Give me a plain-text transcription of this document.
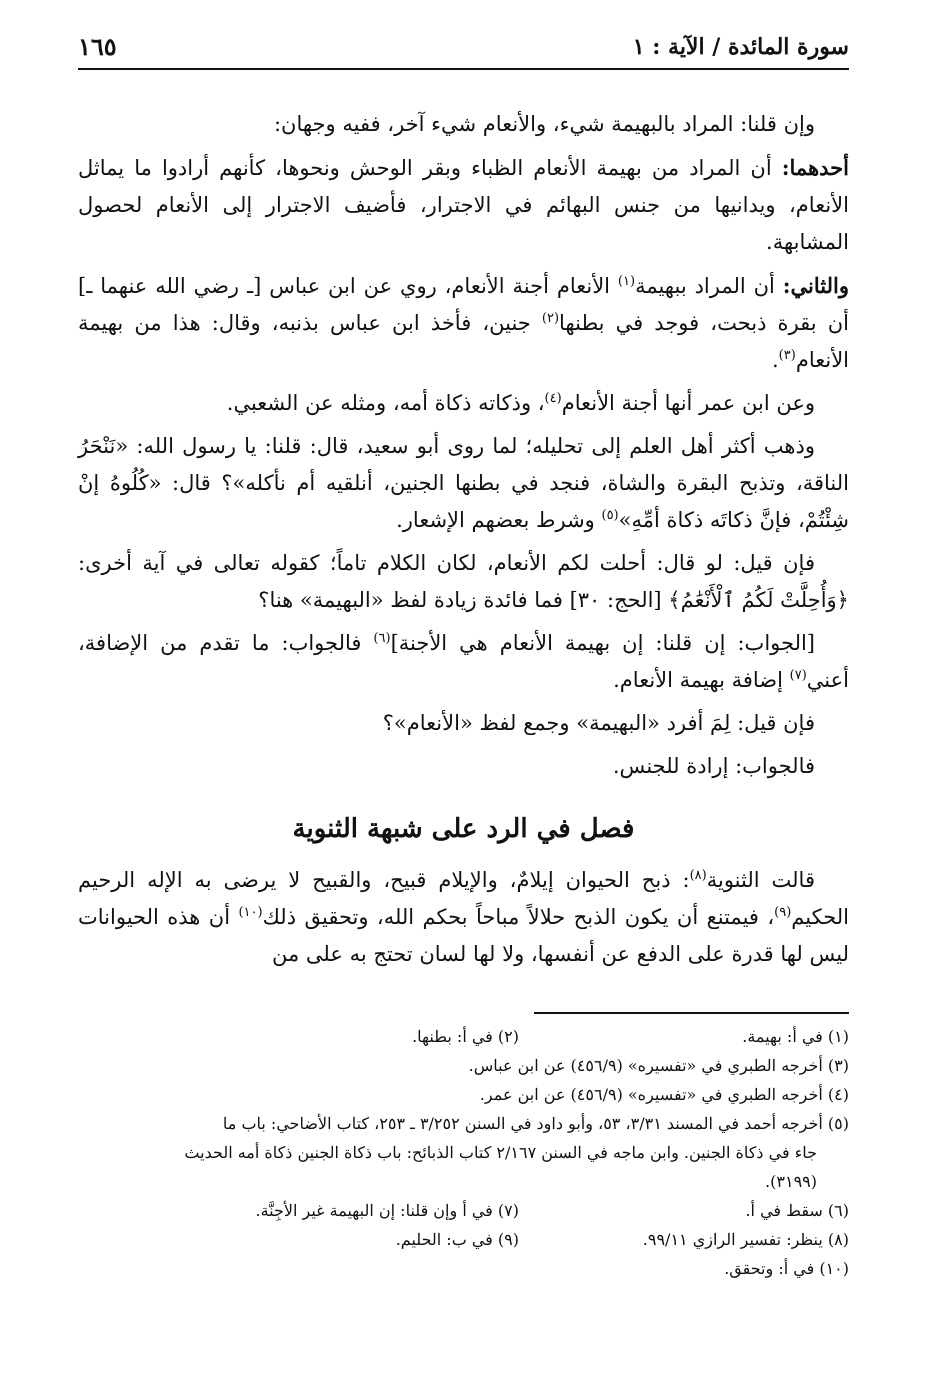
سورة المائدة / الآية : ١
١٦٥

وإن قلنا: المراد بالبهيمة شيء، والأنعام شيء آخر، ففيه وجهان:

أحدهما: أن المراد من بهيمة الأنعام الظباء وبقر الوحش ونحوها، كأنهم أرادوا ما يماثل الأنعام، ويدانيها من جنس البهائم في الاجترار، فأضيف الاجترار إلى الأنعام لحصول المشابهة.

والثاني: أن المراد ببهيمة$^{(١)}$ الأنعام أجنة الأنعام، روي عن ابن عباس [ـ رضي الله عنهما ـ] أن بقرة ذبحت، فوجد في بطنها$^{(٢)}$ جنين، فأخذ ابن عباس بذنبه، وقال: هذا من بهيمة الأنعام$^{(٣)}$.

وعن ابن عمر أنها أجنة الأنعام$^{(٤)}$، وذكاته ذكاة أمه، ومثله عن الشعبي.

وذهب أكثر أهل العلم إلى تحليله؛ لما روى أبو سعيد، قال: قلنا: يا رسول الله: «نَنْحَرُ الناقة، وتذبح البقرة والشاة، فنجد في بطنها الجنين، أنلقيه أم نأكله»؟ قال: «كُلُوهُ إنْ شِئْتُمْ، فإنَّ ذكاتَه ذكاة أمِّهِ»$^{(٥)}$ وشرط بعضهم الإشعار.

فإن قيل: لو قال: أحلت لكم الأنعام، لكان الكلام تاماً؛ كقوله تعالى في آية أخرى: ﴿وَأُحِلَّتْ لَكُمُ ٱلْأَنْعَٰمُ﴾ [الحج: ٣٠] فما فائدة زيادة لفظ «البهيمة» هنا؟

[الجواب: إن قلنا: إن بهيمة الأنعام هي الأجنة]$^{(٦)}$ فالجواب: ما تقدم من الإضافة، أعني$^{(٧)}$ إضافة بهيمة الأنعام.

فإن قيل: لِمَ أفرد «البهيمة» وجمع لفظ «الأنعام»؟

فالجواب: إرادة للجنس.

فصل في الرد على شبهة الثنوية

قالت الثنوية$^{(٨)}$: ذبح الحيوان إيلامٌ، والإيلام قبيح، والقبيح لا يرضى به الإله الرحيم الحكيم$^{(٩)}$، فيمتنع أن يكون الذبح حلالاً مباحاً بحكم الله، وتحقيق ذلك$^{(١٠)}$ أن هذه الحيوانات ليس لها قدرة على الدفع عن أنفسها، ولا لها لسان تحتج به على من

(١) في أ: بهيمة.
(٢) في أ: بطنها.
(٣) أخرجه الطبري في «تفسيره» (٤٥٦/٩) عن ابن عباس.
(٤) أخرجه الطبري في «تفسيره» (٤٥٦/٩) عن ابن عمر.
(٥) أخرجه أحمد في المسند ٣/٣١، ٥٣، وأبو داود في السنن ٣/٢٥٢ ـ ٢٥٣، كتاب الأضاحي: باب ما
جاء في ذكاة الجنين. وابن ماجه في السنن ٢/١٦٧ كتاب الذبائح: باب ذكاة الجنين ذكاة أمه الحديث
(٣١٩٩).
(٦) سقط في أ.
(٧) في أ وإن قلنا: إن البهيمة غير الأجِنَّة.
(٨) ينظر: تفسير الرازي ٩٩/١١.
(٩) في ب: الحليم.
(١٠) في أ: وتحقق.
